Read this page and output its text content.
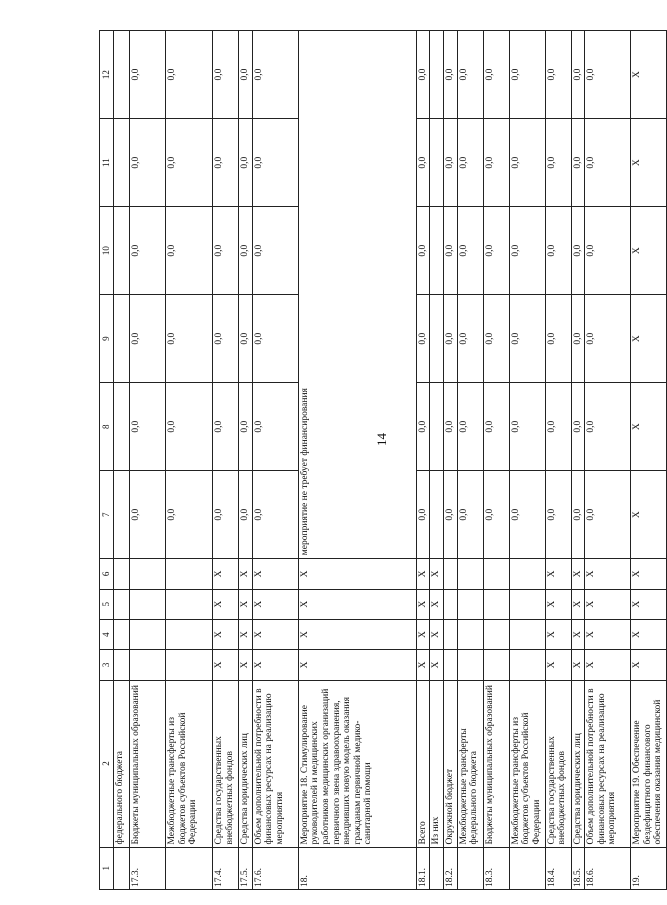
14
1	2	3	4	5	6	7	8	9	10	11	12
	федерального бюджета										
17.3.	Бюджеты муниципальных образований					0,0	0,0	0,0	0,0	0,0	0,0
	Межбюджетные трансферты из бюджетов субъектов Российской Федерации					0,0	0,0	0,0	0,0	0,0	0,0
17.4.	Средства государственных внебюджетных фондов	X	X	X	X	0,0	0,0	0,0	0,0	0,0	0,0
17.5.	Средства юридических лиц	X	X	X	X	0,0	0,0	0,0	0,0	0,0	0,0
17.6.	Объем дополнительной потребности в финансовых ресурсах на реализацию мероприятия	X	X	X	X	0,0	0,0	0,0	0,0	0,0	0,0
18.	Мероприятие 18. Стимулирование руководителей и медицинских работников медицинских организаций первичного звена здравоохранения, внедривших новую модель оказания гражданам первичной медико-санитарной помощи	X	X	X	X	мероприятие не требует финансирования					
18.1.	Всего	X	X	X	X	0,0	0,0	0,0	0,0	0,0	0,0
	Из них	X	X	X	X						
18.2.	Окружной бюджет					0,0	0,0	0,0	0,0	0,0	0,0
	Межбюджетные трансферты федерального бюджета					0,0	0,0	0,0	0,0	0,0	0,0
18.3.	Бюджеты муниципальных образований					0,0	0,0	0,0	0,0	0,0	0,0
	Межбюджетные трансферты из бюджетов субъектов Российской Федерации					0,0	0,0	0,0	0,0	0,0	0,0
18.4.	Средства государственных внебюджетных фондов	X	X	X	X	0,0	0,0	0,0	0,0	0,0	0,0
18.5.	Средства юридических лиц	X	X	X	X	0,0	0,0	0,0	0,0	0,0	0,0
18.6.	Объем дополнительной потребности в финансовых ресурсах на реализацию мероприятия	X	X	X	X	0,0	0,0	0,0	0,0	0,0	0,0
19.	Мероприятие 19. Обеспечение бездефицитного финансового обеспечения оказания медицинской	X	X	X	X	X	X	X	X	X	X
